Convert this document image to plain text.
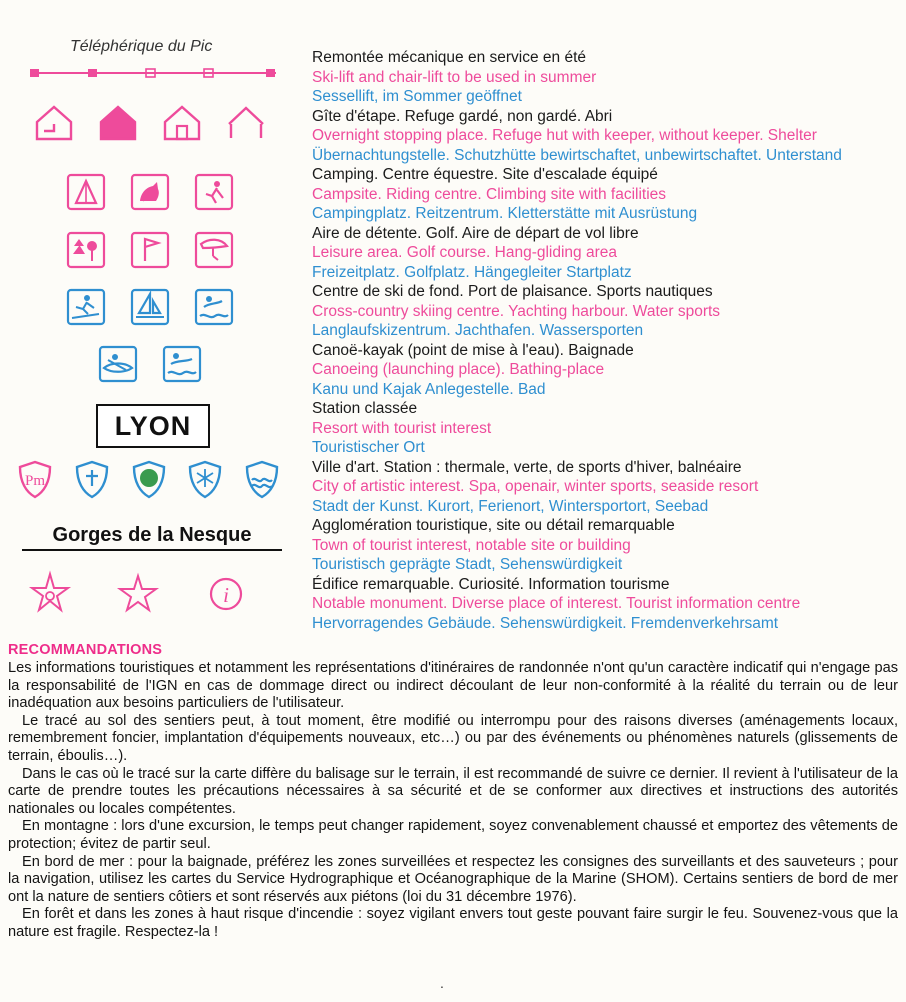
Téléphérique du Pic
LYON
Pm
Gorges de la Nesque
i
Remontée mécanique en service en été
Ski-lift and chair-lift to be used in summer
Sessellift, im Sommer geöffnet
Gîte d'étape. Refuge gardé, non gardé. Abri
Overnight stopping place. Refuge hut with keeper, without keeper. Shelter
Übernachtungstelle. Schutzhütte bewirtschaftet, unbewirtschaftet. Unterstand
Camping. Centre équestre. Site d'escalade équipé
Campsite. Riding centre. Climbing site with facilities
Campingplatz. Reitzentrum. Kletterstätte mit Ausrüstung
Aire de détente. Golf. Aire de départ de vol libre
Leisure area. Golf course. Hang-gliding area
Freizeitplatz. Golfplatz. Hängegleiter Startplatz
Centre de ski de fond. Port de plaisance. Sports nautiques
Cross-country skiing centre. Yachting harbour. Water sports
Langlaufskizentrum. Jachthafen. Wassersporten
Canoë-kayak (point de mise à l'eau). Baignade
Canoeing (launching place). Bathing-place
Kanu und Kajak Anlegestelle. Bad
Station classée
Resort with tourist interest
Touristischer Ort
Ville d'art. Station : thermale, verte, de sports d'hiver, balnéaire
City of artistic interest. Spa, openair, winter sports, seaside resort
Stadt der Kunst. Kurort, Ferienort, Wintersportort, Seebad
Agglomération touristique, site ou détail remarquable
Town of tourist interest, notable site or building
Touristisch geprägte Stadt, Sehenswürdigkeit
Édifice remarquable. Curiosité. Information tourisme
Notable monument. Diverse place of interest. Tourist information centre
Hervorragendes Gebäude. Sehenswürdigkeit. Fremdenverkehrsamt
RECOMMANDATIONS

Les informations touristiques et notamment les représentations d'itinéraires de randonnée n'ont qu'un caractère indicatif qui n'engage pas la responsabilité de l'IGN en cas de dommage direct ou indirect découlant de leur non-conformité à la réalité du terrain ou de leur inadéquation aux besoins particuliers de l'utilisateur.

Le tracé au sol des sentiers peut, à tout moment, être modifié ou interrompu pour des raisons diverses (aménagements locaux, remembrement foncier, implantation d'équipements nouveaux, etc…) ou par des événements ou phénomènes naturels (glissements de terrain, éboulis…).

Dans le cas où le tracé sur la carte diffère du balisage sur le terrain, il est recommandé de suivre ce dernier. Il revient à l'utilisateur de la carte de prendre toutes les précautions nécessaires à sa sécurité et de se conformer aux directives et instructions des autorités nationales ou locales compétentes.

En montagne : lors d'une excursion, le temps peut changer rapidement, soyez convenablement chaussé et emportez des vêtements de protection; évitez de partir seul.

En bord de mer : pour la baignade, préférez les zones surveillées et respectez les consignes des surveillants et des sauveteurs ; pour la navigation, utilisez les cartes du Service Hydrographique et Océanographique de la Marine (SHOM). Certains sentiers de bord de mer ont la nature de sentiers côtiers et sont réservés aux piétons (loi du 31 décembre 1976).

En forêt et dans les zones à haut risque d'incendie : soyez vigilant envers tout geste pouvant faire surgir le feu. Souvenez-vous que la nature est fragile. Respectez-la !

.
